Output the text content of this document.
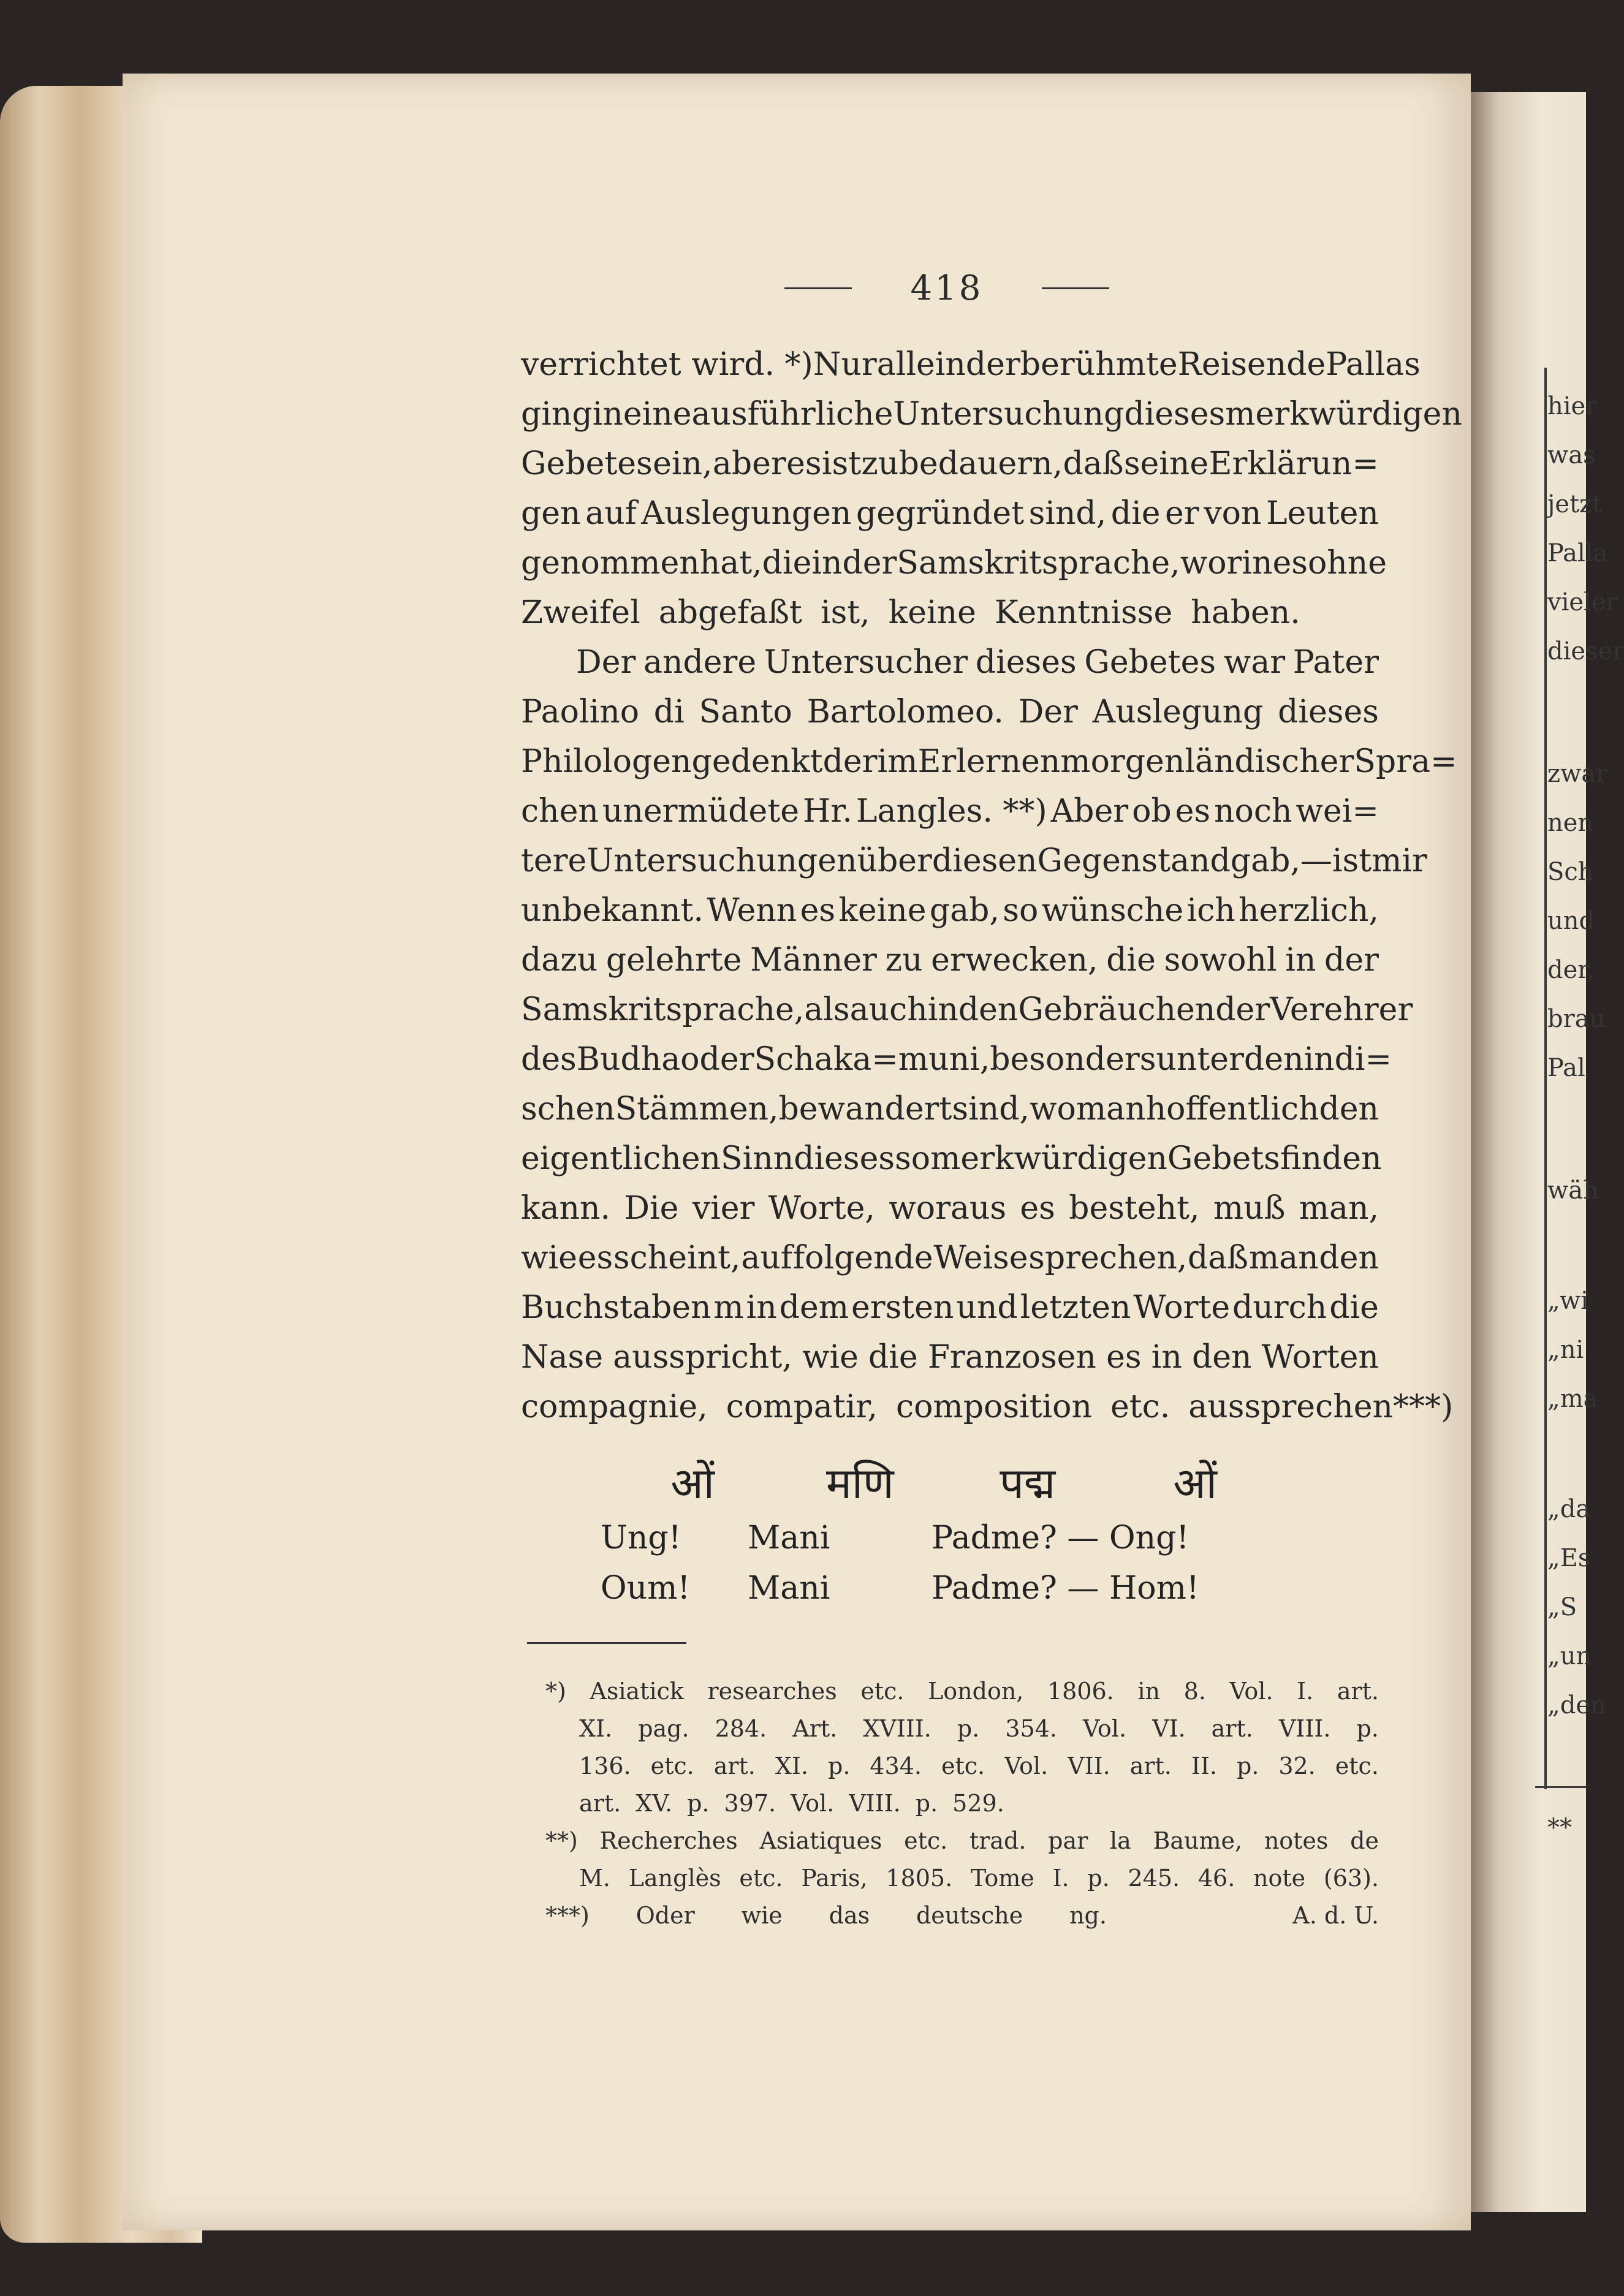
hier
was
jetzt
Palla
vieler
dieser
zwar
nen
Sch
und
der,
brau
Pal
wäh
„wi
„ni
„ma
„da
„Es
„S
„un
„den
**
418
verrichtet wird. *) Nur allein der berühmte Reisende Pallas
ging in eine ausführliche Untersuchung dieses merkwürdigen
Gebetes ein, aber es ist zu bedauern, daß seine Erklärun=
gen auf Auslegungen gegründet sind, die er von Leuten
genommen hat, die in der Samskritsprache, worin es ohne
Zweifel abgefaßt ist, keine Kenntnisse haben.
Der andere Untersucher dieses Gebetes war Pater
Paolino di Santo Bartolomeo. Der Auslegung dieses
Philologen gedenkt der im Erlernen morgenländischer Spra=
chen unermüdete Hr. Langles. **) Aber ob es noch wei=
tere Untersuchungen über diesen Gegenstand gab, — ist mir
unbekannt. Wenn es keine gab, so wünsche ich herzlich,
dazu gelehrte Männer zu erwecken, die sowohl in der
Samskritsprache, als auch in den Gebräuchen der Verehrer
des Budha oder Schaka=muni, besonders unter den indi=
schen Stämmen, bewandert sind, wo man hoffentlich den
eigentlichen Sinn dieses so merkwürdigen Gebets finden
kann. Die vier Worte, woraus es besteht, muß man,
wie es scheint, auf folgende Weise sprechen, daß man den
Buchstaben m in dem ersten und letzten Worte durch die
Nase ausspricht, wie die Franzosen es in den Worten
compagnie, compatir, composition etc. aussprechen***)
ओं	मणि	पद्म	ओं
Ung!	Mani	Padme? — Ong!
Oum!	Mani	Padme? — Hom!
*) Asiatick researches etc. London, 1806. in 8. Vol. I. art.
XI. pag. 284. Art. XVIII. p. 354. Vol. VI. art. VIII. p.
136. etc. art. XI. p. 434. etc. Vol. VII. art. II. p. 32. etc.
art. XV. p. 397. Vol. VIII. p. 529.
**) Recherches Asiatiques etc. trad. par la Baume, notes de
M. Langlès etc. Paris, 1805. Tome I. p. 245. 46. note (63).
***) Oder wie das deutsche ng.	A. d. U.
